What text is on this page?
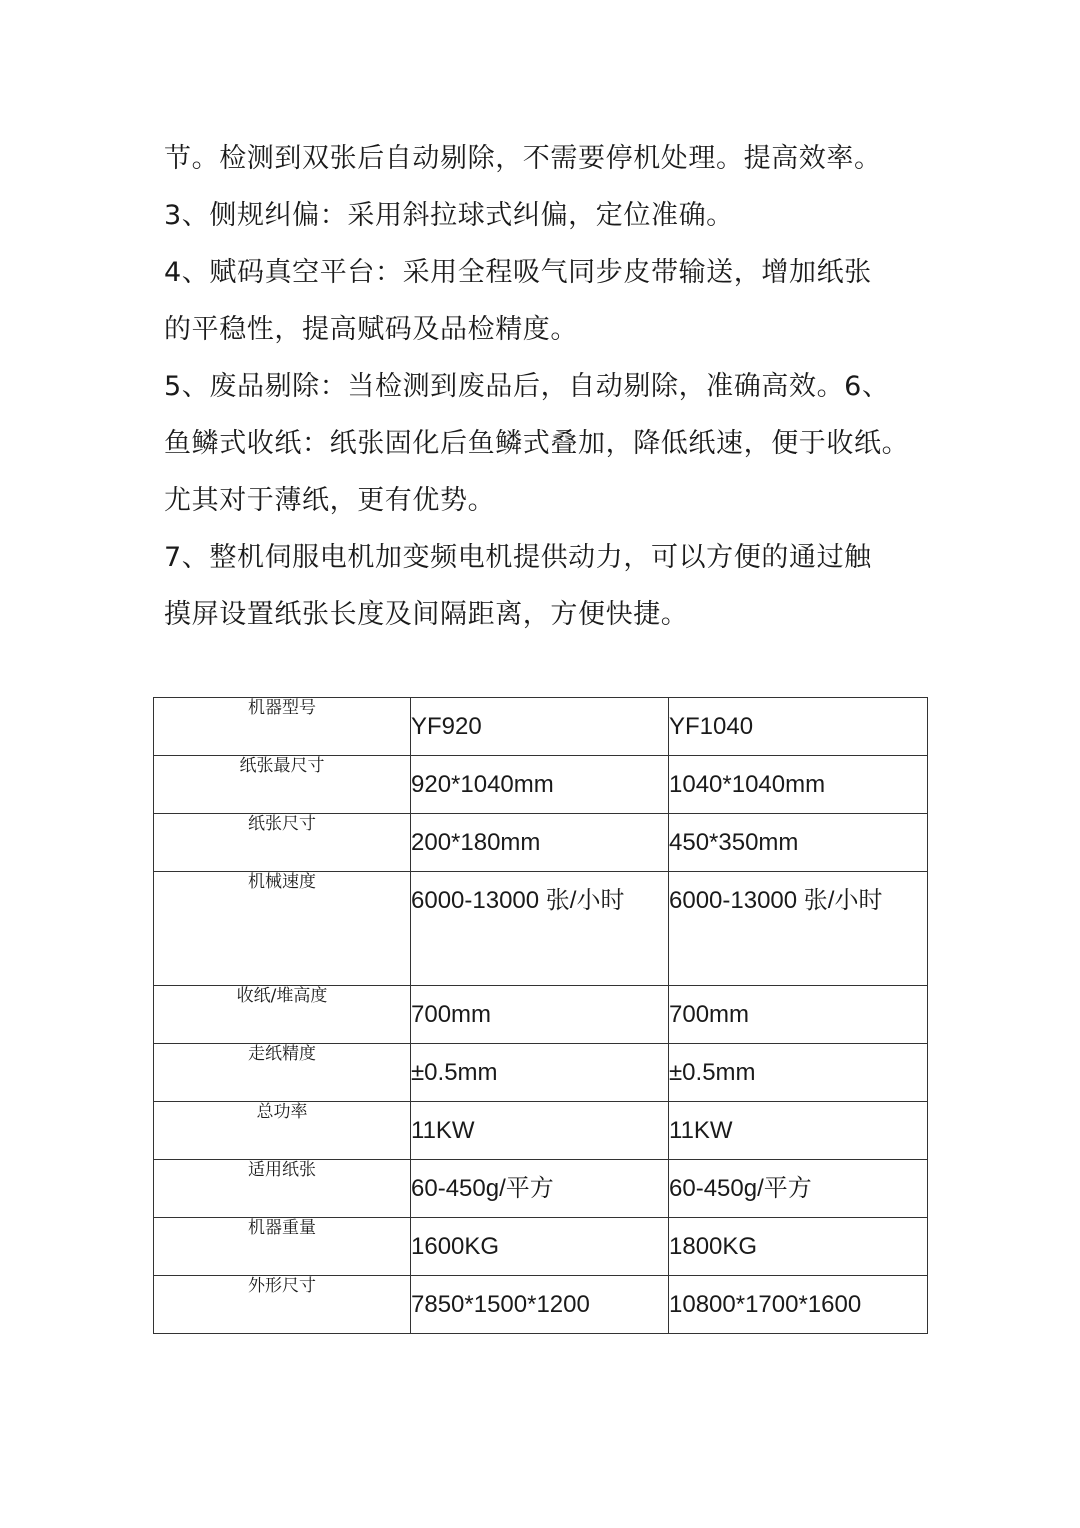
节。检测到双张后自动剔除，不需要停机处理。提高效率。
3、侧规纠偏：采用斜拉球式纠偏，定位准确。
4、赋码真空平台：采用全程吸气同步皮带输送，增加纸张
的平稳性，提高赋码及品检精度。
5、废品剔除：当检测到废品后，自动剔除，准确高效。6、
鱼鳞式收纸：纸张固化后鱼鳞式叠加，降低纸速，便于收纸。
尤其对于薄纸，更有优势。
7、整机伺服电机加变频电机提供动力，可以方便的通过触
摸屏设置纸张长度及间隔距离，方便快捷。
机器型号	YF920	YF1040
纸张最尺寸	920*1040mm	1040*1040mm
纸张尺寸	200*180mm	450*350mm
机械速度	6000-13000 张/小时	6000-13000 张/小时
收纸/堆高度	700mm	700mm
走纸精度	±0.5mm	±0.5mm
总功率	11KW	11KW
适用纸张	60-450g/平方	60-450g/平方
机器重量	1600KG	1800KG
外形尺寸	7850*1500*1200	10800*1700*1600
